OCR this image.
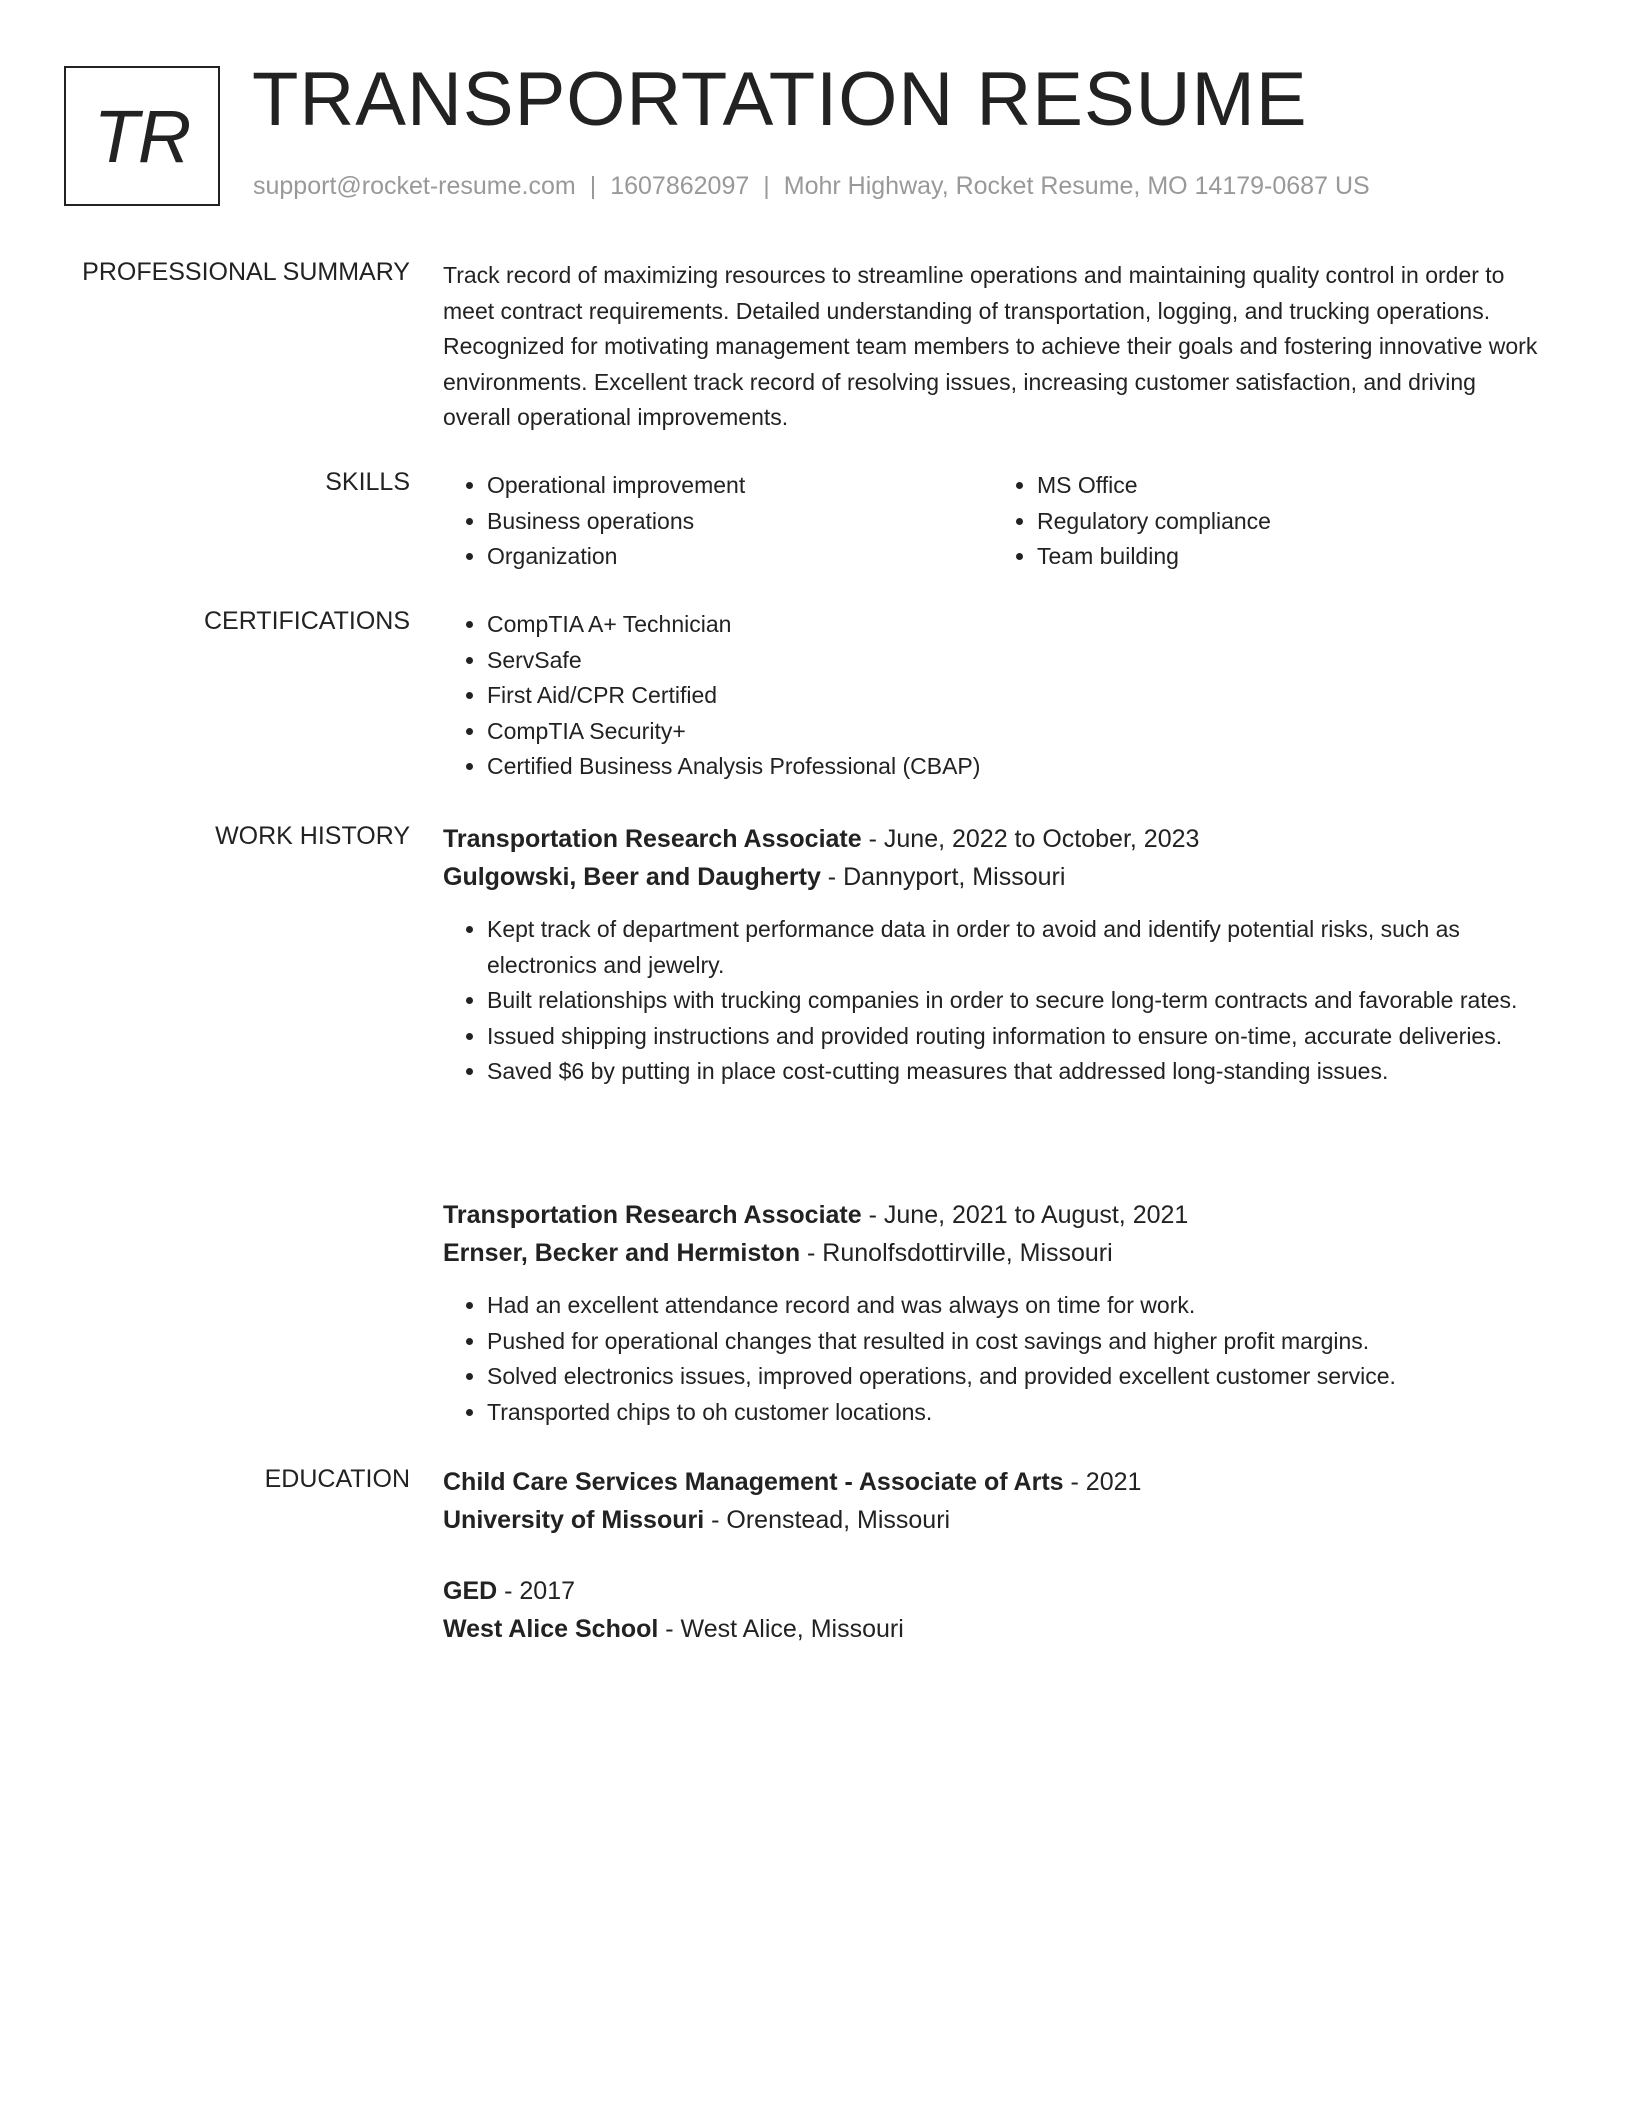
TR TRANSPORTATION RESUME
support@rocket-resume.com | 1607862097 | Mohr Highway, Rocket Resume, MO 14179-0687 US
PROFESSIONAL SUMMARY Track record of maximizing resources to streamline operations and maintaining quality control in order to meet contract requirements. Detailed understanding of transportation, logging, and trucking operations. Recognized for motivating management team members to achieve their goals and fostering innovative work environments. Excellent track record of resolving issues, increasing customer satisfaction, and driving overall operational improvements.
SKILLS	• Operational improvement
• Business operations
• Organization
• MS Office
• Regulatory compliance
• Team building
CERTIFICATIONS	• CompTIA A+ Technician
• ServSafe
• First Aid/CPR Certified
• CompTIA Security+
• Certified Business Analysis Professional (CBAP)
WORK HISTORY Transportation Research Associate - June, 2022 to October, 2023
Gulgowski, Beer and Daugherty - Dannyport, Missouri
• Kept track of department performance data in order to avoid and identify potential risks, such as electronics and jewelry.
• Built relationships with trucking companies in order to secure long-term contracts and favorable rates.
• Issued shipping instructions and provided routing information to ensure on-time, accurate deliveries.
• Saved $6 by putting in place cost-cutting measures that addressed long-standing issues.
Transportation Research Associate - June, 2021 to August, 2021
Ernser, Becker and Hermiston - Runolfsdottirville, Missouri
• Had an excellent attendance record and was always on time for work.
• Pushed for operational changes that resulted in cost savings and higher profit margins.
• Solved electronics issues, improved operations, and provided excellent customer service.
• Transported chips to oh customer locations.
EDUCATION Child Care Services Management - Associate of Arts - 2021
University of Missouri - Orenstead, Missouri
GED - 2017
West Alice School - West Alice, Missouri
